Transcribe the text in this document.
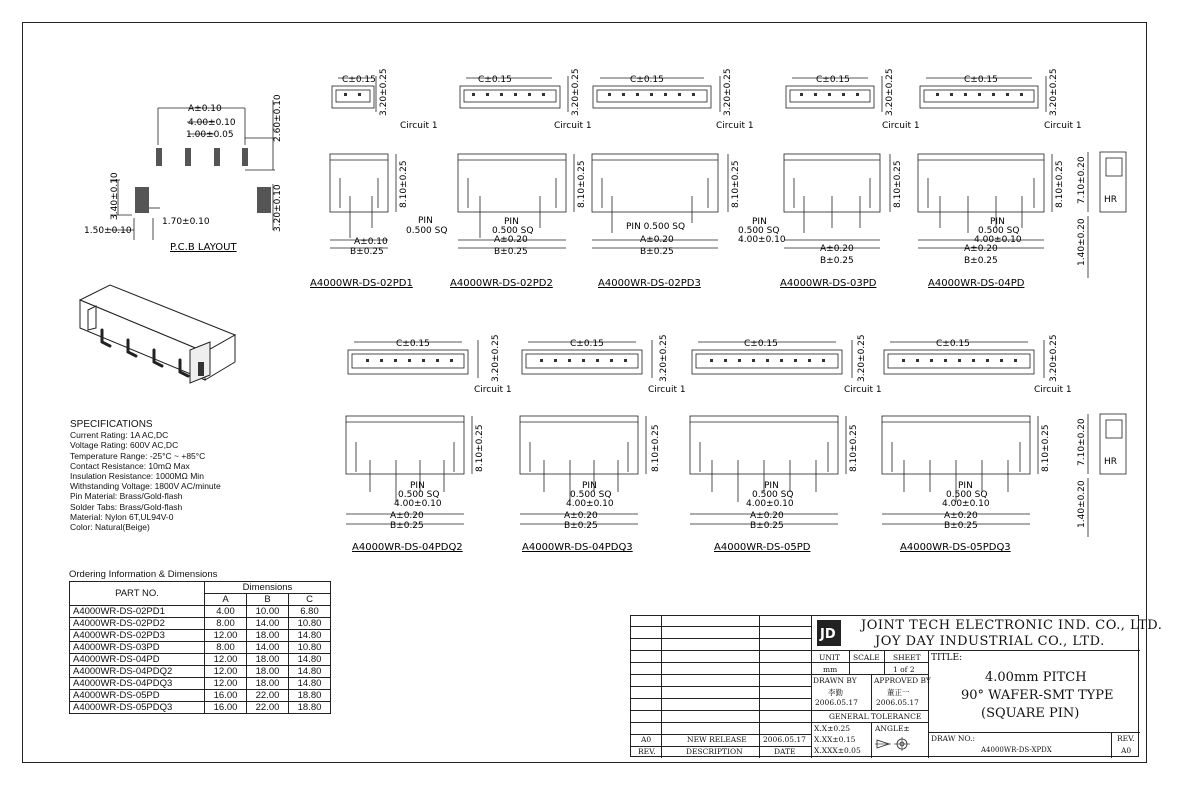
A±0.10
4.00±0.10
1.00±0.05	2.60±0.10
3.40±0.10
1.70±0.10
1.50±0.10	3.20±0.10
P.C.B LAYOUT
C±0.15	C±0.15	C±0.15	C±0.15	C±0.15
3.20±0.25	3.20±0.25	3.20±0.25	3.20±0.25	3.20±0.25
Circuit 1	Circuit 1	Circuit 1	Circuit 1	Circuit 1
8.10±0.25	8.10±0.25	8.10±0.25	8.10±0.25	8.10±0.25
PIN
0.500 SQ
A±0.10
B±0.25
PIN
0.500 SQ
A±0.20
B±0.25
PIN 0.500 SQ
A±0.20
B±0.25
PIN
0.500 SQ
4.00±0.10
A±0.20
B±0.25
PIN
0.500 SQ
4.00±0.10
A±0.20
B±0.25
HR
7.10±0.20
1.40±0.20
A4000WR-DS-02PD1	A4000WR-DS-02PD2	A4000WR-DS-02PD3	A4000WR-DS-03PD	A4000WR-DS-04PD
C±0.15	C±0.15	C±0.15	C±0.15
3.20±0.25	3.20±0.25	3.20±0.25	3.20±0.25
Circuit 1	Circuit 1	Circuit 1	Circuit 1
8.10±0.25	8.10±0.25	8.10±0.25	8.10±0.25
PIN
0.500 SQ
4.00±0.10
A±0.20
B±0.25
PIN
0.500 SQ
4.00±0.10
A±0.20
B±0.25
PIN
0.500 SQ
4.00±0.10
A±0.20
B±0.25
PIN
0.500 SQ
4.00±0.10
A±0.20
B±0.25
HR
7.10±0.20
1.40±0.20
A4000WR-DS-04PDQ2	A4000WR-DS-04PDQ3	A4000WR-DS-05PD	A4000WR-DS-05PDQ3
SPECIFICATIONS
Current Rating: 1A AC,DC
Voltage Rating: 600V AC,DC
Temperature Range: -25°C ~ +85°C
Contact Resistance: 10mΩ Max
Insulation Resistance: 1000MΩ Min
Withstanding Voltage: 1800V AC/minute
Pin Material: Brass/Gold-flash
Solder Tabs: Brass/Gold-flash
Material: Nylon 6T,UL94V-0
Color: Natural(Beige)
Ordering Information & Dimensions
PART NO.	Dimensions		
	A	B	C
A4000WR-DS-02PD1	4.00	10.00	6.80
A4000WR-DS-02PD2	8.00	14.00	10.80
A4000WR-DS-02PD3	12.00	18.00	14.80
A4000WR-DS-03PD	8.00	14.00	10.80
A4000WR-DS-04PD	12.00	18.00	14.80
A4000WR-DS-04PDQ2	12.00	18.00	14.80
A4000WR-DS-04PDQ3	12.00	18.00	14.80
A4000WR-DS-05PD	16.00	22.00	18.80
A4000WR-DS-05PDQ3	16.00	22.00	18.80
JD
JOINT TECH ELECTRONIC IND. CO., LTD.
JOY DAY INDUSTRIAL CO., LTD.
UNIT
mm
SCALE SHEET
1 of 2
TITLE:
DRAWN BY
李勤
2006.05.17
APPROVED BY
董正一
2006.05.17
GENERAL TOLERANCE
X.X±0.25
X.XX±0.15
X.XXX±0.05
ANGLE±
4.00mm PITCH
90° WAFER-SMT TYPE
(SQUARE PIN)
DRAW NO.:
A4000WR-DS-XPDX
REV.
A0
A0	NEW RELEASE 2006.05.17
REV.	DESCRIPTION	DATE
